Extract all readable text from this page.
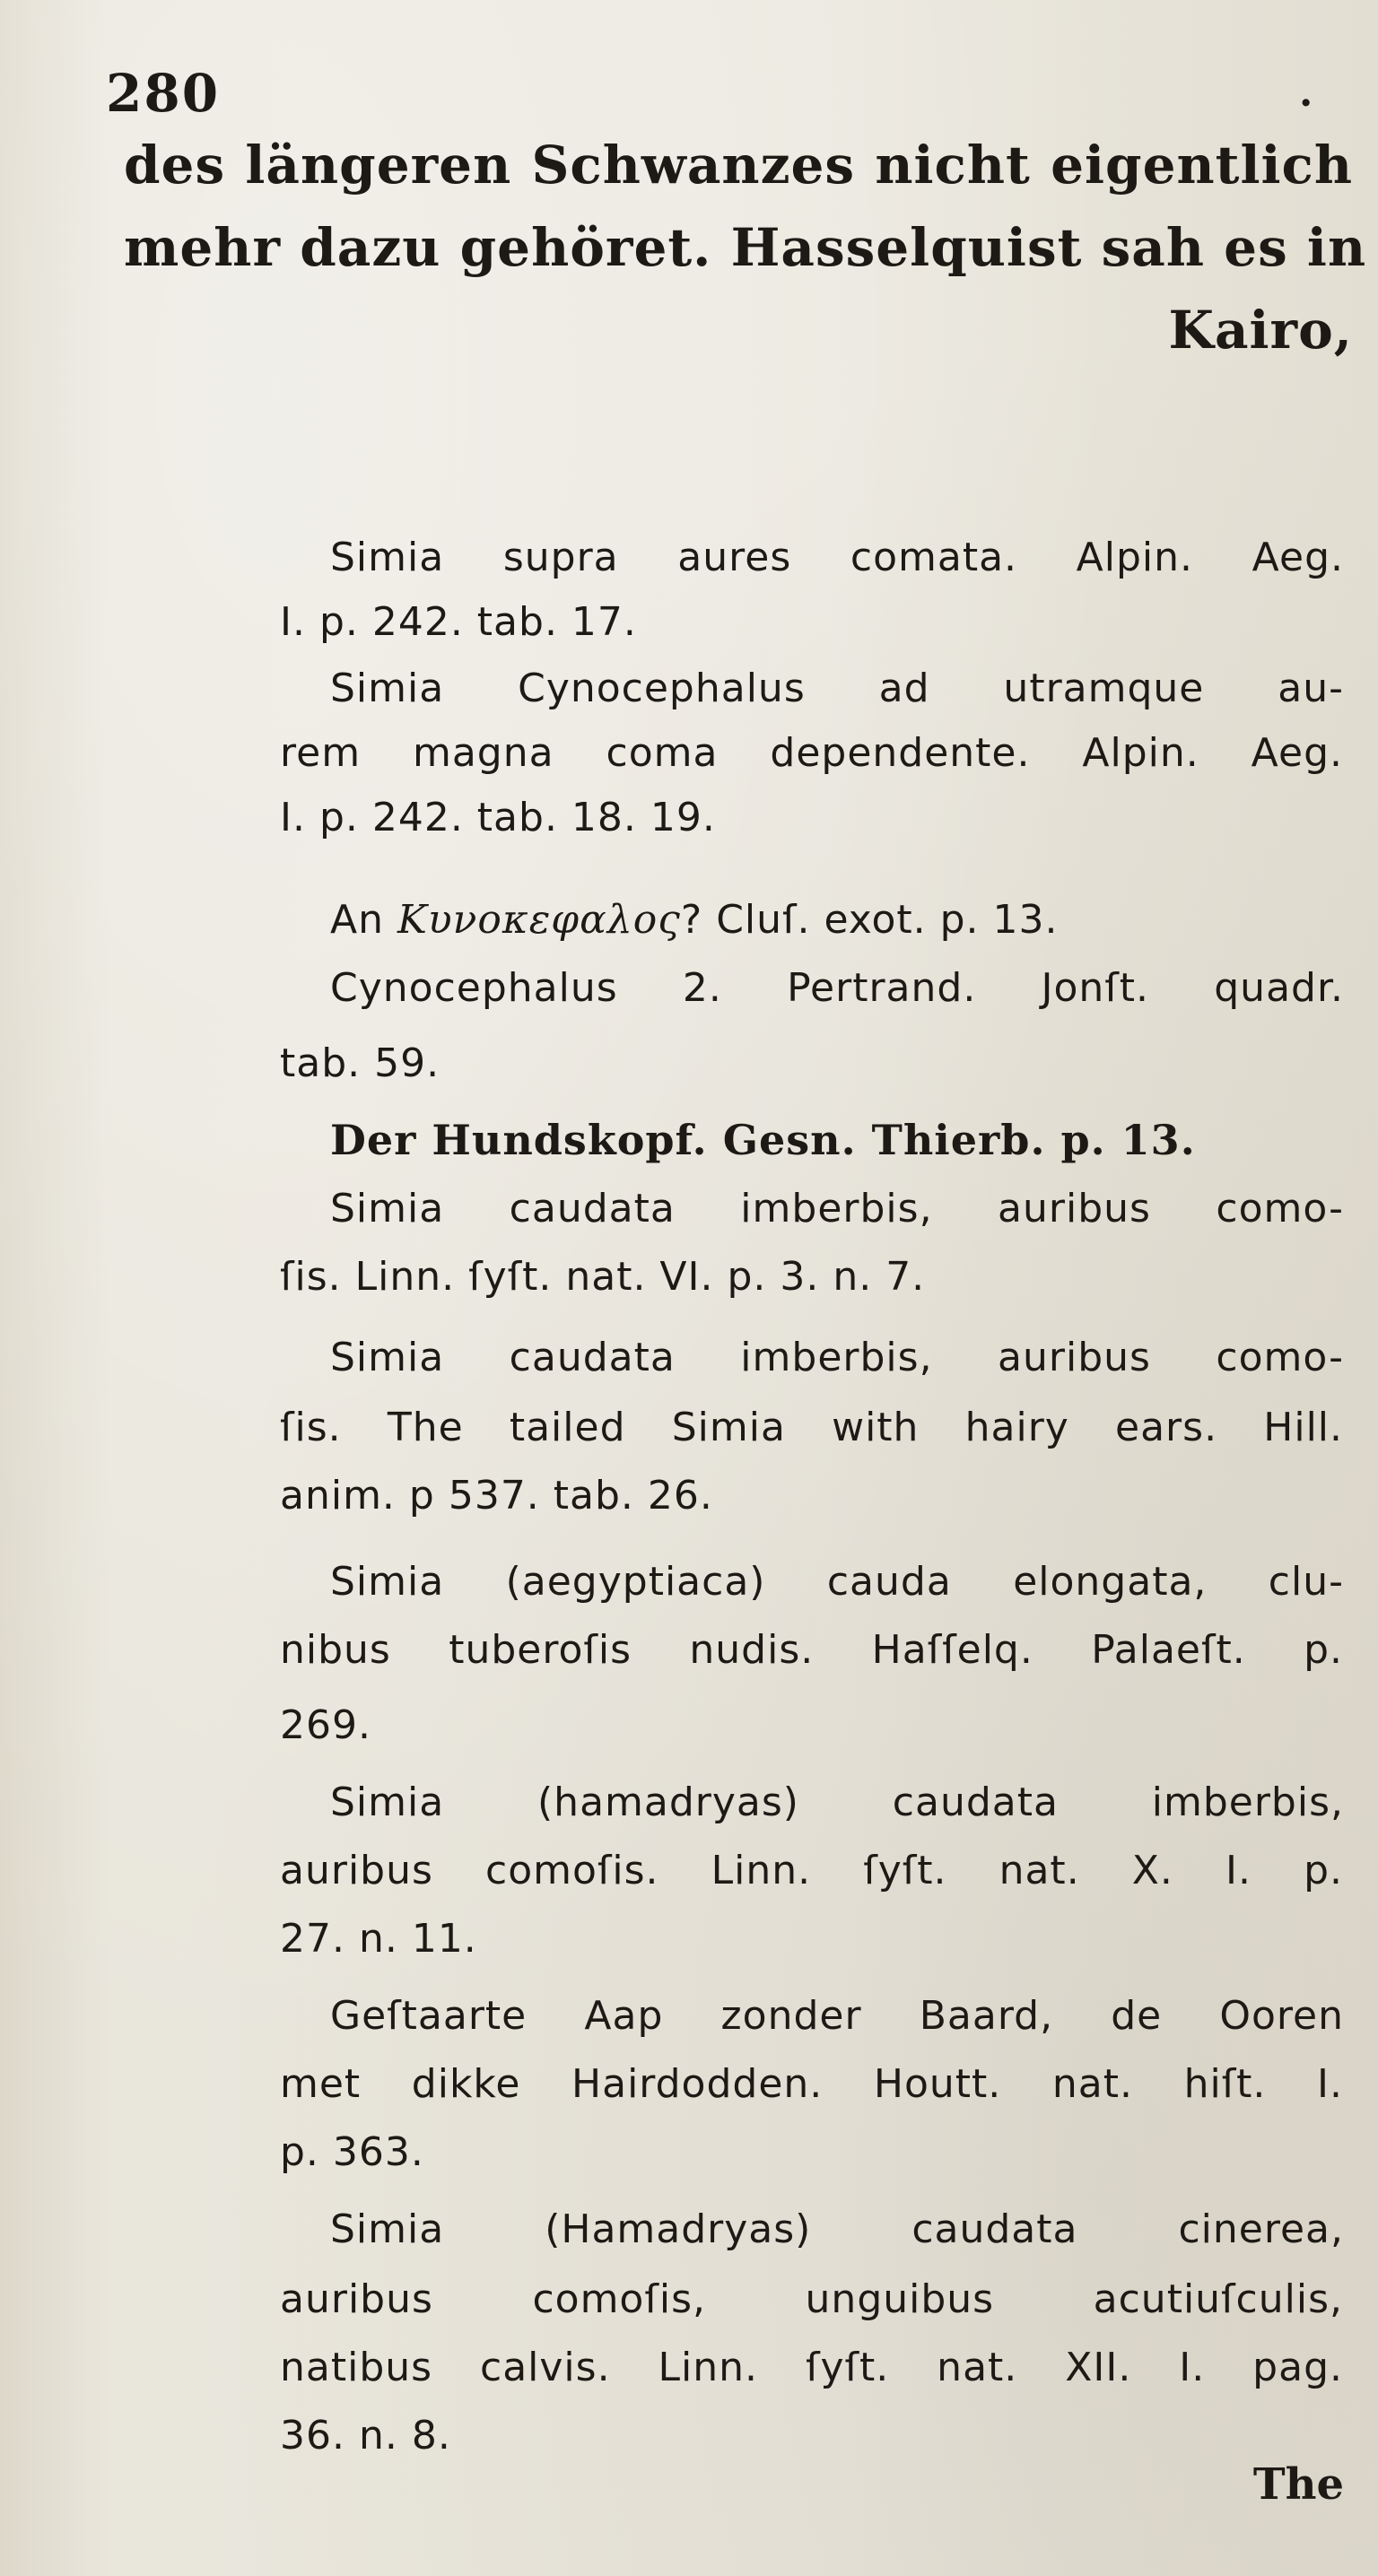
280	.
des längeren Schwanzes nicht eigentlich
mehr dazu gehöret. Hasselquist sah es in
Kairo,
Simia supra aures comata. Alpin. Aeg.
I. p. 242. tab. 17.
Simia Cynocephalus ad utramque au-
rem magna coma dependente. Alpin. Aeg.
I. p. 242. tab. 18. 19.
An Κυνοκεφαλος? Cluſ. exot. p. 13.
Cynocephalus 2. Pertrand. Jonſt. quadr.
tab. 59.
Der Hundskopf. Gesn. Thierb. p. 13.
Simia caudata imberbis, auribus como-
ſis. Linn. ſyſt. nat. VI. p. 3. n. 7.
Simia caudata imberbis, auribus como-
ſis. The tailed Simia with hairy ears. Hill.
anim. p 537. tab. 26.
Simia (aegyptiaca) cauda elongata, clu-
nibus tuberoſis nudis. Haſſelq. Palaeſt. p.
269.
Simia (hamadryas) caudata imberbis,
auribus comoſis. Linn. ſyſt. nat. X. I. p.
27. n. 11.
Geſtaarte Aap zonder Baard, de Ooren
met dikke Hairdodden. Houtt. nat. hiſt. I.
p. 363.
Simia (Hamadryas) caudata cinerea,
auribus comoſis, unguibus acutiuſculis,
natibus calvis. Linn. ſyſt. nat. XII. I. pag.
36. n. 8.
The
